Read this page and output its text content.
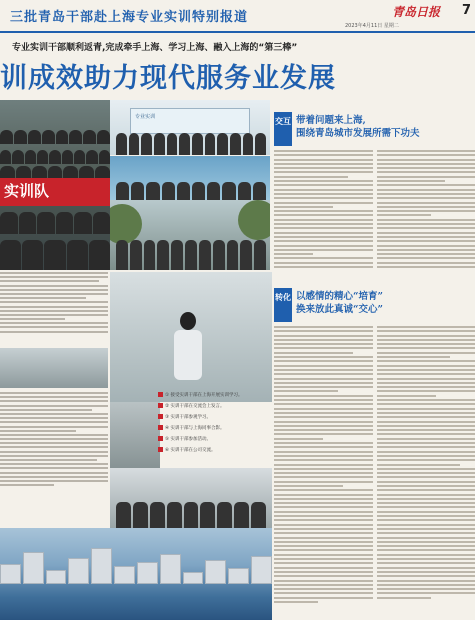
三批青岛干部赴上海专业实训特别报道	青岛日报 7
2023年4月11日 星期二
专业实训干部顺利返青,完成牵手上海、学习上海、融入上海的“第三棒”
训成效助力现代服务业发展
实训队
专业实训
① 接受实训干部在上海开展实训学习。
② 实训干部在交流会上发言。
③ 实训干部参观学习。
④ 实训干部与上海同事合影。
⑤ 实训干部参加活动。
⑥ 实训干部在公司交流。
交互 带着问题来上海,
围绕青岛城市发展所需下功夫
转化 以感情的精心“培育”
换来放此真诚“交心”
